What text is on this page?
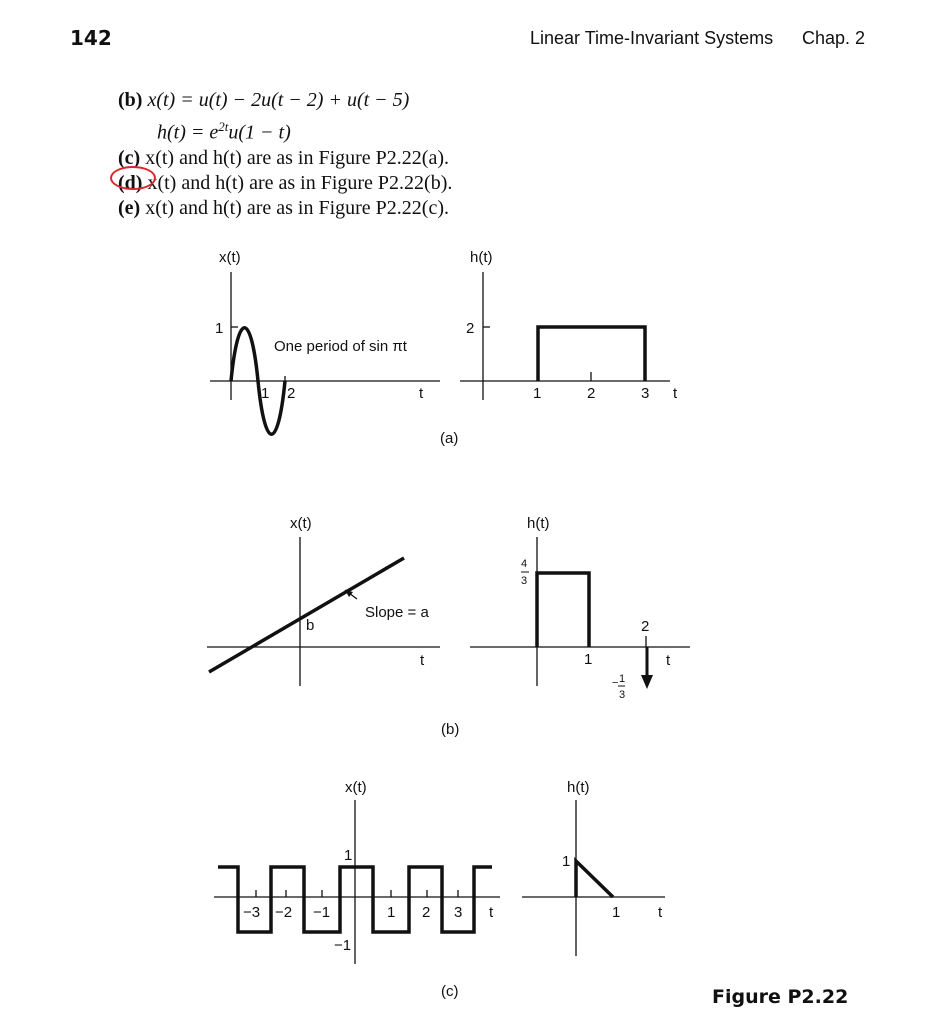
142	Linear Time-Invariant Systems Chap. 2
(b) x(t) = u(t) − 2u(t − 2) + u(t − 5)
$h(t) = e^{2t}u(1 - t)$
(c) x(t) and h(t) are as in Figure P2.22(a).
(d) x(t) and h(t) are as in Figure P2.22(b).
(e) x(t) and h(t) are as in Figure P2.22(c).
x(t)
1
1 2	t
One period of sin πt
h(t)
2
1	2	3 t
(a)
x(t)
b
Slope = a
t
h(t)
4
3
1
2
t
− 1
3
(b)
x(t)
1
−1
−3 −2 −1	1 2 3 t
h(t)
1
1	t
(c)	Figure P2.22
